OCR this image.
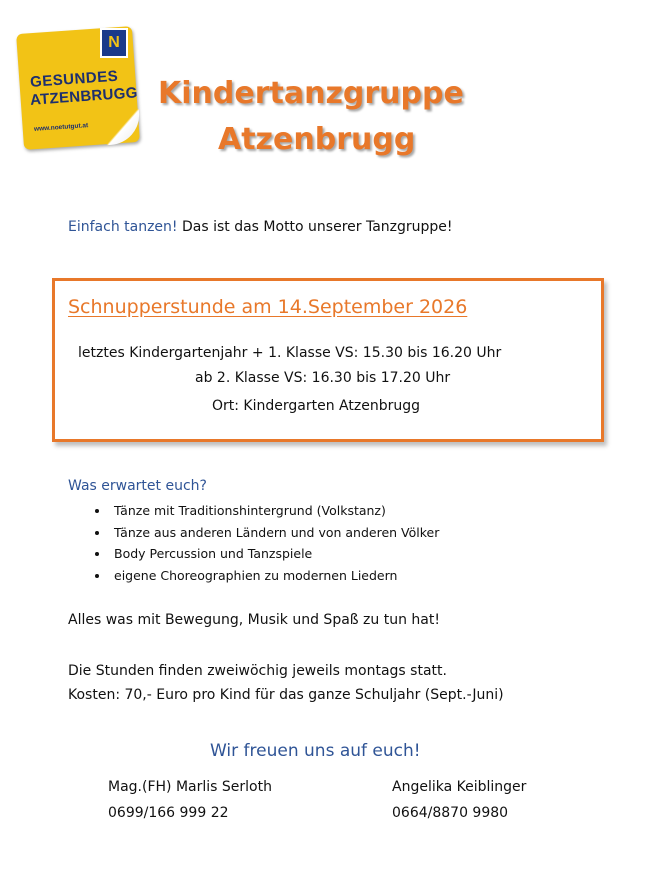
N
GESUNDES
ATZENBRUGG
www.noetutgut.at
Kindertanzgruppe
Atzenbrugg
Einfach tanzen! Das ist das Motto unserer Tanzgruppe!
Schnupperstunde am 14.September 2026
letztes Kindergartenjahr + 1. Klasse VS: 15.30 bis 16.20 Uhr
ab 2. Klasse VS: 16.30 bis 17.20 Uhr
Ort: Kindergarten Atzenbrugg
Was erwartet euch?
• Tänze mit Traditionshintergrund (Volkstanz)
• Tänze aus anderen Ländern und von anderen Völker
• Body Percussion und Tanzspiele
• eigene Choreographien zu modernen Liedern
Alles was mit Bewegung, Musik und Spaß zu tun hat!
Die Stunden finden zweiwöchig jeweils montags statt.
Kosten: 70,- Euro pro Kind für das ganze Schuljahr (Sept.-Juni)
Wir freuen uns auf euch!
Mag.(FH) Marlis Serloth
0699/166 999 22
Angelika Keiblinger
0664/8870 9980
